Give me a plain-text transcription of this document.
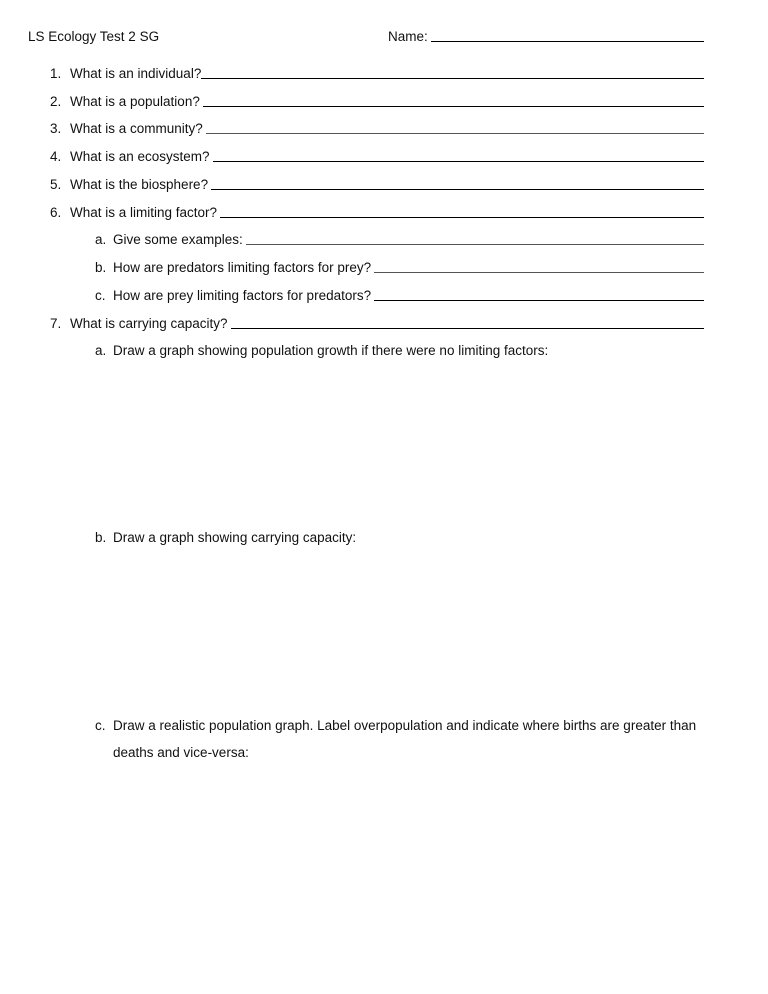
LS Ecology Test 2 SG	Name:
1. What is an individual?
2. What is a population?
3. What is a community?
4. What is an ecosystem?
5. What is the biosphere?
6. What is a limiting factor?
a. Give some examples:
b. How are predators limiting factors for prey?
c. How are prey limiting factors for predators?
7. What is carrying capacity?
a. Draw a graph showing population growth if there were no limiting factors:
b. Draw a graph showing carrying capacity:
c. Draw a realistic population graph. Label overpopulation and indicate where births are greater than
deaths and vice-versa:
